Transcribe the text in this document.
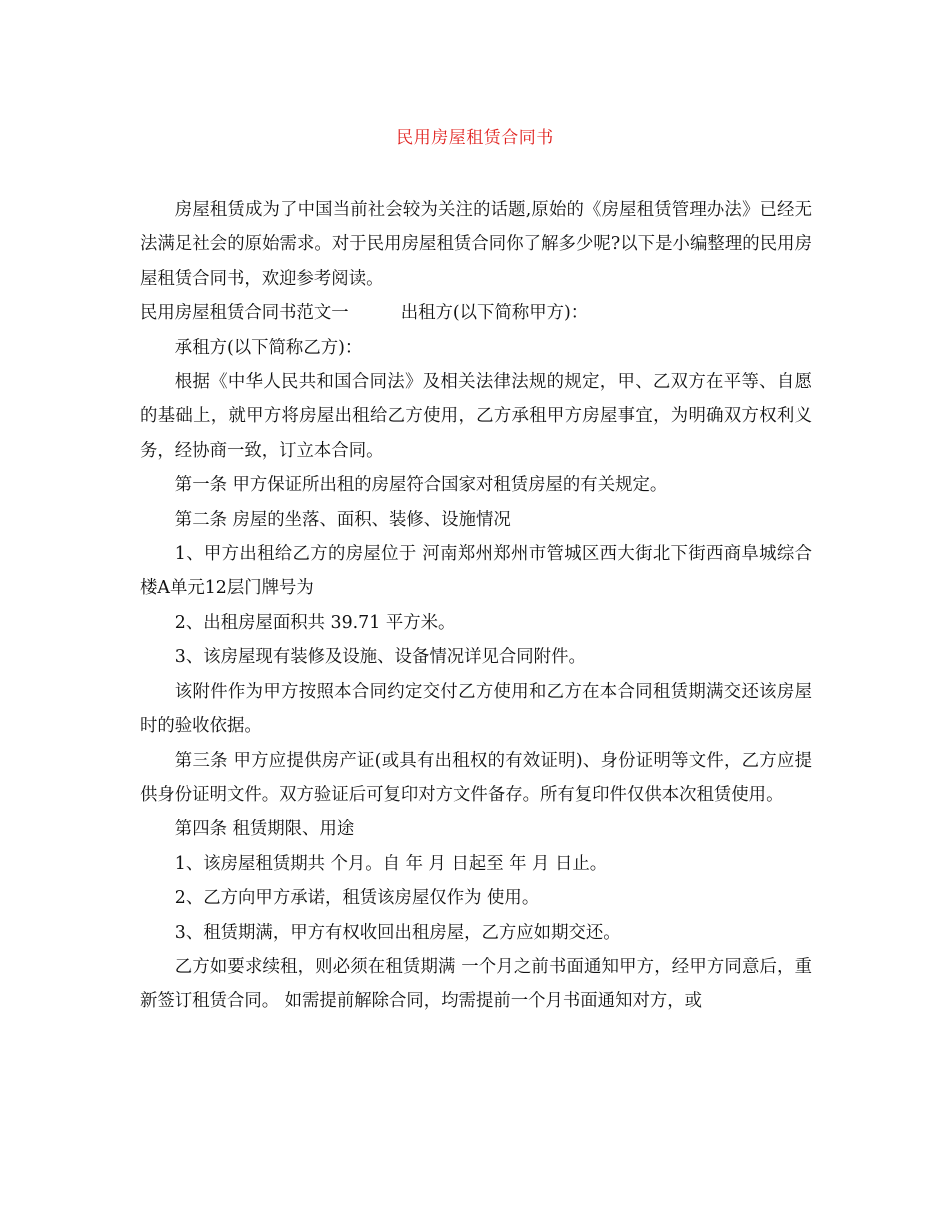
民用房屋租赁合同书

房屋租赁成为了中国当前社会较为关注的话题,原始的《房屋租赁管理办法》已经无法满足社会的原始需求。对于民用房屋租赁合同你了解多少呢?以下是小编整理的民用房屋租赁合同书，欢迎参考阅读。

民用房屋租赁合同书范文一	出租方(以下简称甲方)：

承租方(以下简称乙方)：

根据《中华人民共和国合同法》及相关法律法规的规定，甲、乙双方在平等、自愿的基础上，就甲方将房屋出租给乙方使用，乙方承租甲方房屋事宜，为明确双方权利义务，经协商一致，订立本合同。

第一条 甲方保证所出租的房屋符合国家对租赁房屋的有关规定。

第二条 房屋的坐落、面积、装修、设施情况

1、甲方出租给乙方的房屋位于 河南郑州郑州市管城区西大街北下街西商阜城综合楼A单元12层门牌号为

2、出租房屋面积共 39.71 平方米。

3、该房屋现有装修及设施、设备情况详见合同附件。

该附件作为甲方按照本合同约定交付乙方使用和乙方在本合同租赁期满交还该房屋时的验收依据。

第三条 甲方应提供房产证(或具有出租权的有效证明)、身份证明等文件，乙方应提供身份证明文件。双方验证后可复印对方文件备存。所有复印件仅供本次租赁使用。

第四条 租赁期限、用途

1、该房屋租赁期共 个月。自 年 月 日起至 年 月 日止。

2、乙方向甲方承诺，租赁该房屋仅作为 使用。

3、租赁期满，甲方有权收回出租房屋，乙方应如期交还。

乙方如要求续租，则必须在租赁期满 一个月之前书面通知甲方，经甲方同意后，重新签订租赁合同。 如需提前解除合同，均需提前一个月书面通知对方，或
